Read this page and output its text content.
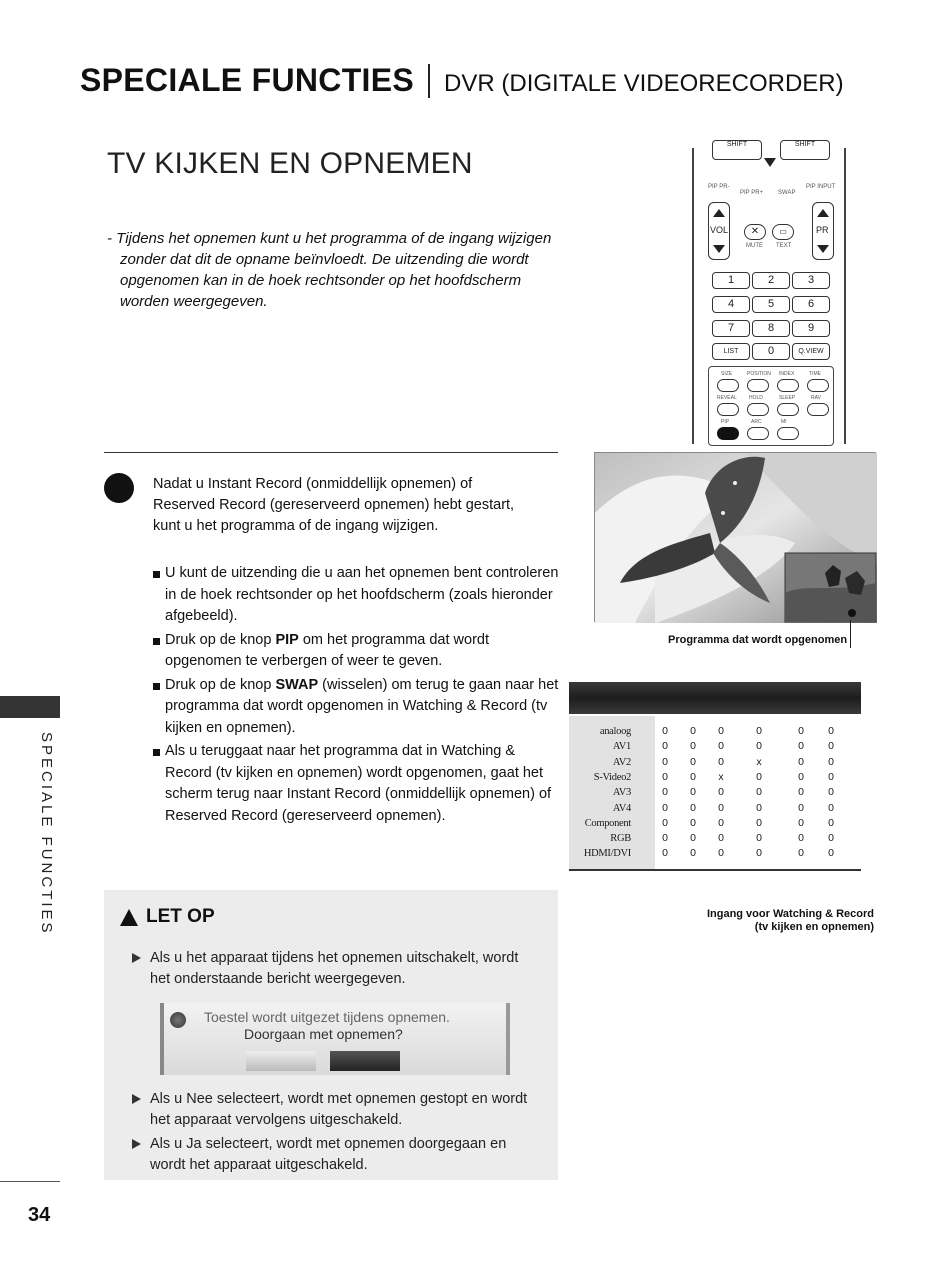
SPECIALE FUNCTIES DVR (DIGITALE VIDEORECORDER)
TV KIJKEN EN OPNEMEN

- Tijdens het opnemen kunt u het programma of de ingang wijzigen zonder dat dit de opname beïnvloedt. De uitzending die wordt opgenomen kan in de hoek rechtsonder op het hoofdscherm worden weergegeven.

Nadat u Instant Record (onmiddellijk opnemen) of Reserved Record (gereserveerd opnemen) hebt gestart, kunt u het programma of de ingang wijzigen.
U kunt de uitzending die u aan het opnemen bent controleren in de hoek rechtsonder op het hoofdscherm (zoals hieronder afgebeeld).
Druk op de knop PIP om het programma dat wordt opgenomen te verbergen of weer te geven.
Druk op de knop SWAP (wisselen) om terug te gaan naar het programma dat wordt opgenomen in Watching & Record (tv kijken en opnemen).
Als u teruggaat naar het programma dat in Watching & Record (tv kijken en opnemen) wordt opgenomen, gaat het scherm terug naar Instant Record (onmiddellijk opnemen) of Reserved Record (gereserveerd opnemen).
SPECIALE FUNCTIES
SHIFT	SHIFT
PIP PR-
PIP PR+ SWAP
PIP INPUT
VOL	PR
✕	▭
MUTE TEXT
1	2	3
4	5	6
7	8	9
LIST	0	Q.VIEW
SIZE	POSITION INDEX	TIME
REVEAL HOLD	SLEEP	RAV
PIP	ARC	MI
Programma dat wordt opgenomen
analoog	0	0	0	0	0	0
AV1	0	0	0	0	0	0
AV2	0	0	0	x	0	0
S-Video2	0	0	x	0	0	0
AV3	0	0	0	0	0	0
AV4	0	0	0	0	0	0
Component	0	0	0	0	0	0
RGB	0	0	0	0	0	0
HDMI/DVI	0	0	0	0	0	0
Ingang voor Watching & Record
(tv kijken en opnemen)
LET OP
Als u het apparaat tijdens het opnemen uitschakelt, wordt het onderstaande bericht weergegeven.
Toestel wordt uitgezet tijdens opnemen.
Doorgaan met opnemen?
Als u Nee selecteert, wordt met opnemen gestopt en wordt het apparaat vervolgens uitgeschakeld.
Als u Ja selecteert, wordt met opnemen doorgegaan en wordt het apparaat uitgeschakeld.
34
